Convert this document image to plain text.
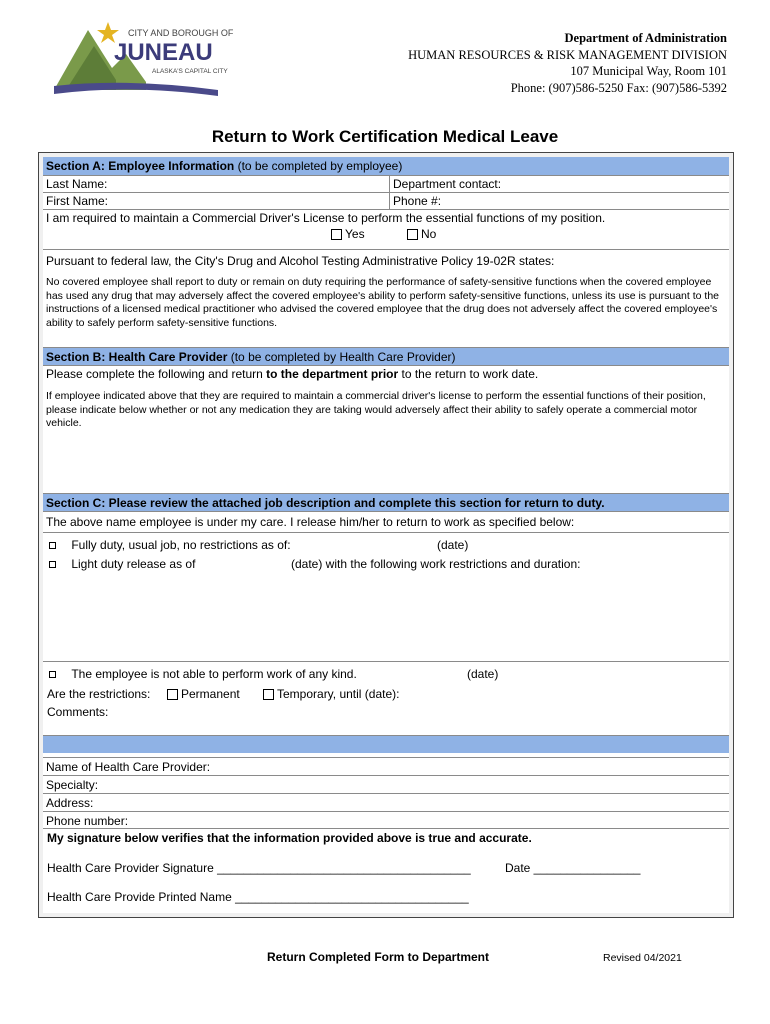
CITY AND BOROUGH OF
JUNEAU
ALASKA'S CAPITAL CITY
Department of Administration
HUMAN RESOURCES & RISK MANAGEMENT DIVISION
107 Municipal Way, Room 101
Phone: (907)586-5250 Fax: (907)586-5392
Return to Work Certification Medical Leave
Section A: Employee Information (to be completed by employee)
Last Name:	Department contact:
First Name:	Phone #:
I am required to maintain a Commercial Driver's License to perform the essential functions of my position.
Yes	No
Pursuant to federal law, the City's Drug and Alcohol Testing Administrative Policy 19-02R states:
No covered employee shall report to duty or remain on duty requiring the performance of safety-sensitive functions when the covered employee has used any drug that may adversely affect the covered employee's ability to perform safety-sensitive functions, unless its use is pursuant to the instructions of a licensed medical practitioner who advised the covered employee that the drug does not adversely affect the covered employee's ability to safely perform safety-sensitive functions.
Section B: Health Care Provider (to be completed by Health Care Provider)
Please complete the following and return to the department prior to the return to work date.
If employee indicated above that they are required to maintain a commercial driver's license to perform the essential functions of their position, please indicate below whether or not any medication they are taking would adversely affect their ability to safely operate a commercial motor vehicle.
Section C: Please review the attached job description and complete this section for return to duty.
The above name employee is under my care. I release him/her to return to work as specified below:
Fully duty, usual job, no restrictions as of:	(date)
Light duty release as of	(date) with the following work restrictions and duration:
The employee is not able to perform work of any kind.	(date)
Are the restrictions:	Permanent	Temporary, until (date):
Comments:
Name of Health Care Provider:
Specialty:
Address:
Phone number:
My signature below verifies that the information provided above is true and accurate.
Health Care Provider Signature ______________________________________	Date ________________
Health Care Provide Printed Name ___________________________________
Return Completed Form to Department	Revised 04/2021
